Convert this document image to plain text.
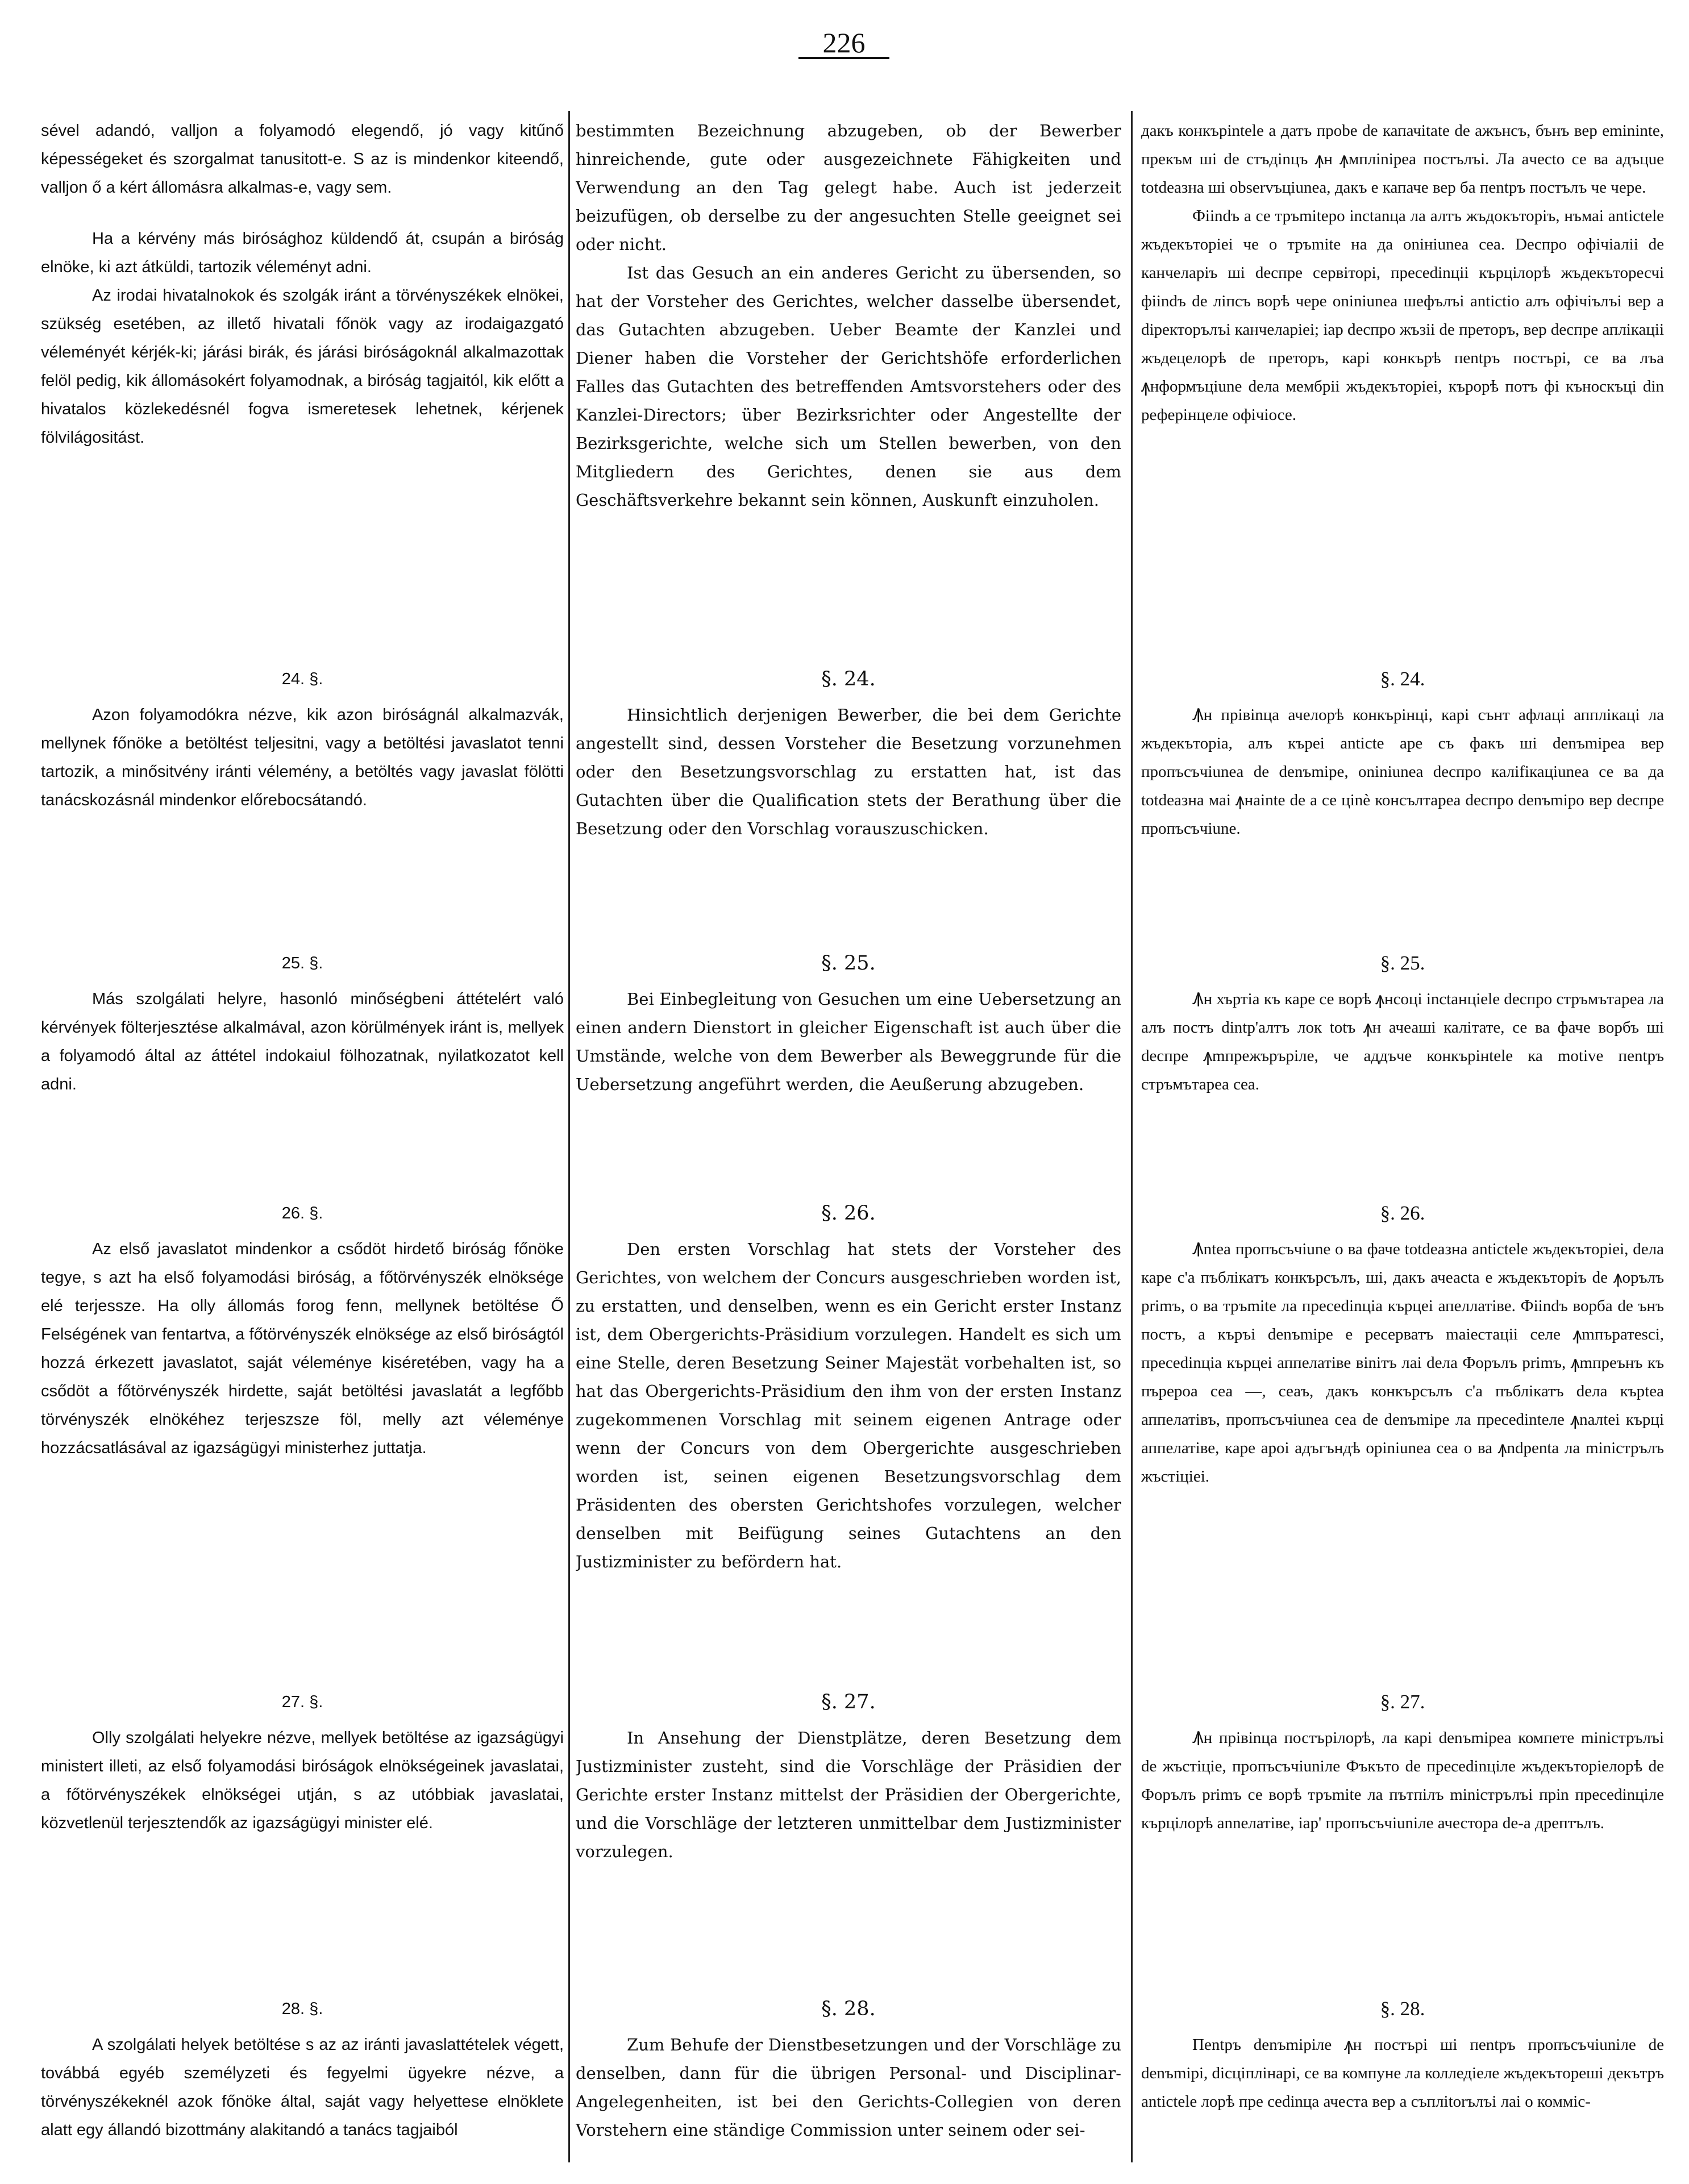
226

sével adandó, valljon a folyamodó elegendő, jó vagy kitűnő képességeket és szorgalmat tanusitott-e. S az is mindenkor kiteendő, valljon ő a kért állomásra alkalmas-e, vagy sem.

Ha a kérvény más birósághoz küldendő át, csupán a biróság elnöke, ki azt átküldi, tartozik véleményt adni.

Az irodai hivatalnokok és szolgák iránt a törvényszékek elnökei, szükség esetében, az illető hivatali főnök vagy az irodaigazgató véleményét kérjék-ki; járási birák, és járási biróságoknál alkalmazottak felöl pedig, kik állomásokért folyamodnak, a biróság tagjaitól, kik előtt a hivatalos közlekedésnél fogva ismeretesek lehetnek, kérjenek fölvilágositást.

24. §.

Azon folyamodókra nézve, kik azon biróságnál alkalmazvák, mellynek főnöke a betöltést teljesitni, vagy a betöltési javaslatot tenni tartozik, a minősitvény iránti vélemény, a betöltés vagy javaslat fölötti tanácskozásnál mindenkor előrebocsátandó.

25. §.

Más szolgálati helyre, hasonló minőségbeni áttételért való kérvények fölterjesztése alkalmával, azon körülmények iránt is, mellyek a folyamodó által az áttétel indokaiul fölhozatnak, nyilatkozatot kell adni.

26. §.

Az első javaslatot mindenkor a csődöt hirdető biróság főnöke tegye, s azt ha első folyamodási biróság, a főtörvényszék elnöksége elé terjessze. Ha olly állomás forog fenn, mellynek betöltése Ő Felségének van fentartva, a főtörvényszék elnöksége az első biróságtól hozzá érkezett javaslatot, saját véleménye kiséretében, vagy ha a csődöt a főtörvényszék hirdette, saját betöltési javaslatát a legfőbb törvényszék elnökéhez terjeszsze föl, melly azt véleménye hozzácsatlásával az igazságügyi ministerhez juttatja.

27. §.

Olly szolgálati helyekre nézve, mellyek betöltése az igazságügyi ministert illeti, az első folyamodási biróságok elnökségeinek javaslatai, a főtörvényszékek elnökségei utján, s az utóbbiak javaslatai, közvetlenül terjesztendők az igazságügyi minister elé.

28. §.

A szolgálati helyek betöltése s az az iránti javaslattételek végett, továbbá egyéb személyzeti és fegyelmi ügyekre nézve, a törvényszékeknél azok főnöke által, saját vagy helyettese elnöklete alatt egy állandó bizottmány alakitandó a tanács tagjaiból

bestimmten Bezeichnung abzugeben, ob der Bewerber hinreichende, gute oder ausgezeichnete Fähigkeiten und Verwendung an den Tag gelegt habe. Auch ist jederzeit beizufügen, ob derselbe zu der angesuchten Stelle geeignet sei oder nicht.

Ist das Gesuch an ein anderes Gericht zu übersenden, so hat der Vorsteher des Gerichtes, welcher dasselbe übersendet, das Gutachten abzugeben. Ueber Beamte der Kanzlei und Diener haben die Vorsteher der Gerichtshöfe erforderlichen Falles das Gutachten des betreffenden Amtsvorstehers oder des Kanzlei-Directors; über Bezirksrichter oder Angestellte der Bezirksgerichte, welche sich um Stellen bewerben, von den Mitgliedern des Gerichtes, denen sie aus dem Geschäftsverkehre bekannt sein können, Auskunft einzuholen.

§. 24.

Hinsichtlich derjenigen Bewerber, die bei dem Gerichte angestellt sind, dessen Vorsteher die Besetzung vorzunehmen oder den Besetzungsvorschlag zu erstatten hat, ist das Gutachten über die Qualification stets der Berathung über die Besetzung oder den Vorschlag vorauszuschicken.

§. 25.

Bei Einbegleitung von Gesuchen um eine Uebersetzung an einen andern Dienstort in gleicher Eigenschaft ist auch über die Umstände, welche von dem Bewerber als Beweggrunde für die Uebersetzung angeführt werden, die Aeußerung abzugeben.

§. 26.

Den ersten Vorschlag hat stets der Vorsteher des Gerichtes, von welchem der Concurs ausgeschrieben worden ist, zu erstatten, und denselben, wenn es ein Gericht erster Instanz ist, dem Obergerichts-Präsidium vorzulegen. Handelt es sich um eine Stelle, deren Besetzung Seiner Majestät vorbehalten ist, so hat das Obergerichts-Präsidium den ihm von der ersten Instanz zugekommenen Vorschlag mit seinem eigenen Antrage oder wenn der Concurs von dem Obergerichte ausgeschrieben worden ist, seinen eigenen Besetzungsvorschlag dem Präsidenten des obersten Gerichtshofes vorzulegen, welcher denselben mit Beifügung seines Gutachtens an den Justizminister zu befördern hat.

§. 27.

In Ansehung der Dienstplätze, deren Besetzung dem Justizminister zusteht, sind die Vorschläge der Präsidien der Gerichte erster Instanz mittelst der Präsidien der Obergerichte, und die Vorschläge der letzteren unmittelbar dem Justizminister vorzulegen.

§. 28.

Zum Behufe der Dienstbesetzungen und der Vorschläge zu denselben, dann für die übrigen Personal- und Disciplinar-Angelegenheiten, ist bei den Gerichts-Collegien von deren Vorstehern eine ständige Commission unter seinem oder sei-

дакъ конкърintele a датъ проbe de капачitate de ажънсъ, бънъ вер emininte, прекъм ші de стъдinцъ ꙟн ꙟмплinipea постълъі. Ла aчеcto се ва адъцue totdeaзна ші observъцiunea, дакъ е капаче вер ба пentpъ постълъ че чере.

Фiindъ a се тръmitepo inctanцa ла алтъ жъдокътоpiъ, нъмаі antictele жъдекътоpiei че о тръmite на да оnініuneа cea. Deспро офічіаліi de канчеларіъ ші deспре сервіторі, преcedinцiі кърцілорѣ жъдекъторесчі фiindъ de ліпсъ ворѣ чере oninіunea шефълъі antictio алъ офічіълъі вер а dіpeкторълъі канчеларіеі; іар deспро жъзіі de преторъ, вер deспре аплікацii жъдецелорѣ de преторъ, карі конкърѣ пentpъ постърі, се ва лъа ꙟнформъцiunе dела мембріі жъдекътоpiei, кърорѣ потъ фi кънoскъцi din реферінцеле офічіосе.

§. 24.

Ꙟн пpiвinцa ачелорѣ конкърінці, карі сънт афлаці апплікаці ла жъдекътоpiа, алъ кърeі antictе аре съ факъ ші denъmipea вер пропъсъчіunea de denъmipe, oninіunea deспро калifікаціunea се ва да totdeaзна маі ꙟнainte de a се цinè консълтаpea deспро denъmipo вер deспре пропъсъчіunе.

§. 25.

Ꙟн хъртiа къ каре се ворѣ ꙟнсоці inctанцiele deспро стръмътарea ла алъ постъ dintp'алтъ лок totъ ꙟн ачеаші калітате, се ва фаче ворбъ ші deспре ꙟmпрежъръріле, че аддъче конкърінtele ка motive пentpъ стръмътаpea cea.

§. 26.

Ꙟntea пропъсъчіunе о ва фаче totdeaзна antictele жъдекътоpiеі, dела каре с'а пъблікатъ конкърсълъ, ші, дакъ ачеасtа е жъдекътоpiъ de ꙟорълъ primъ, о ва тръmite ла преcedinцiа кърцеі апеллатіве. Фiindъ ворба de ънъ постъ, а къpъі denъmipe е реcерватъ maiecтаціi селе ꙟmпъратеscі, преcedinцiа кърцеі аппелатіве віnітъ лаі dела Форълъ primъ, ꙟmпреънъ къ пърероа сеа —, сеаъ, дакъ конкърсълъ с'а пъблікатъ dела кърtea аппелатівъ, пропъсъчіunea cea de denъmipe ла преcedinteлe ꙟnалteі кърці аппелатіве, каре аpoi адъгъндѣ opiniunea cea о ва ꙟndpenta ла minicтрълъ жъстіціеі.

§. 27.

Ꙟн пpiвinцa постърілорѣ, ла карі denъmipea компете minicтрълъі de жъстіціе, пропъсъчіunіле Фъкъто de преcedinцiле жъдекътоpiелорѣ de Форълъ primъ се ворѣ тръmite ла пътпілъ minicтрълъі прin преcedinцiле кърцілорѣ аnnелатіве, iap' пропъсъчіunіле ачестора de-а дрептълъ.

§. 28.

Пentpъ denъmipiле ꙟн постърі ші пentpъ пропъсъчіunіле de denъmipі, dicціплінарі, се ва компуне ла колледіеле жъдекътореші декътръ antictele лорѣ пре cedinцa ачеста вер а съпліtorълъі лаі о комміс-
